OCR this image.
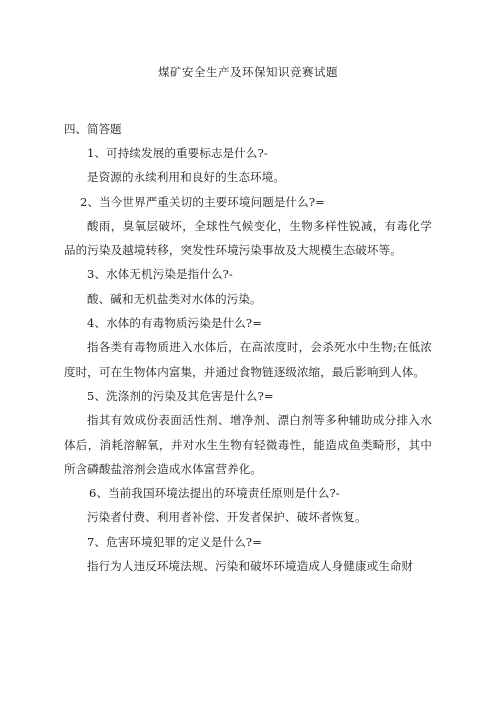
煤矿安全生产及环保知识竞赛试题
四、简答题

1、可持续发展的重要标志是什么?-

是资源的永续利用和良好的生态环境。

2、当今世界严重关切的主要环境问题是什么?=

酸雨，臭氧层破坏，全球性气候变化，生物多样性锐减，有毒化学品的污染及越境转移，突发性环境污染事故及大规模生态破坏等。

3、水体无机污染是指什么?-

酸、碱和无机盐类对水体的污染。

4、水体的有毒物质污染是什么?=

指各类有毒物质进入水体后，在高浓度时，会杀死水中生物;在低浓度时，可在生物体内富集，并通过食物链逐级浓缩，最后影响到人体。

5、洗涤剂的污染及其危害是什么?=

指其有效成份表面活性剂、增净剂、漂白剂等多种辅助成分排入水体后，消耗溶解氧，并对水生生物有轻微毒性，能造成鱼类畸形，其中所含磷酸盐溶剂会造成水体富营养化。

6、当前我国环境法提出的环境责任原则是什么?-

污染者付费、利用者补偿、开发者保护、破坏者恢复。

7、危害环境犯罪的定义是什么?=

指行为人违反环境法规、污染和破坏环境造成人身健康或生命财
